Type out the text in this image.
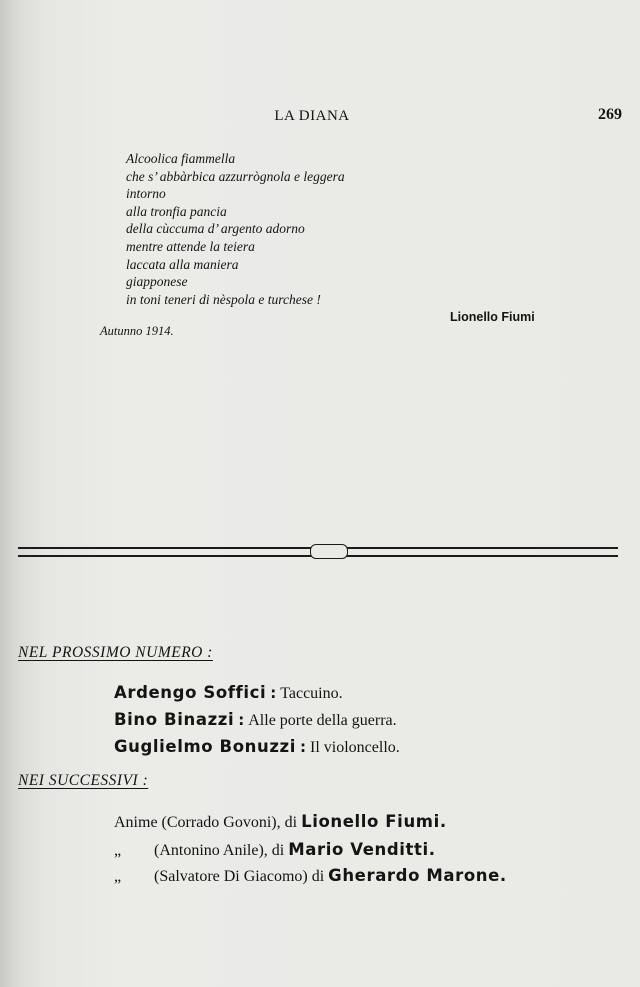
LA DIANA	269
Alcoolica fiammella
che s’ abbàrbica azzurrògnola e leggera
intorno
alla tronfia pancia
della cùccuma d’ argento adorno
mentre attende la teiera
laccata alla maniera
giapponese
in toni teneri di nèspola e turchese !
Autunno 1914.
Lionello Fiumi
NEL PROSSIMO NUMERO :
Ardengo Soffici : Taccuino.
Bino Binazzi : Alle porte della guerra.
Guglielmo Bonuzzi : Il violoncello.
NEI SUCCESSIVI :
Anime (Corrado Govoni), di Lionello Fiumi.
„ (Antonino Anile), di Mario Venditti.
„ (Salvatore Di Giacomo) di Gherardo Marone.
